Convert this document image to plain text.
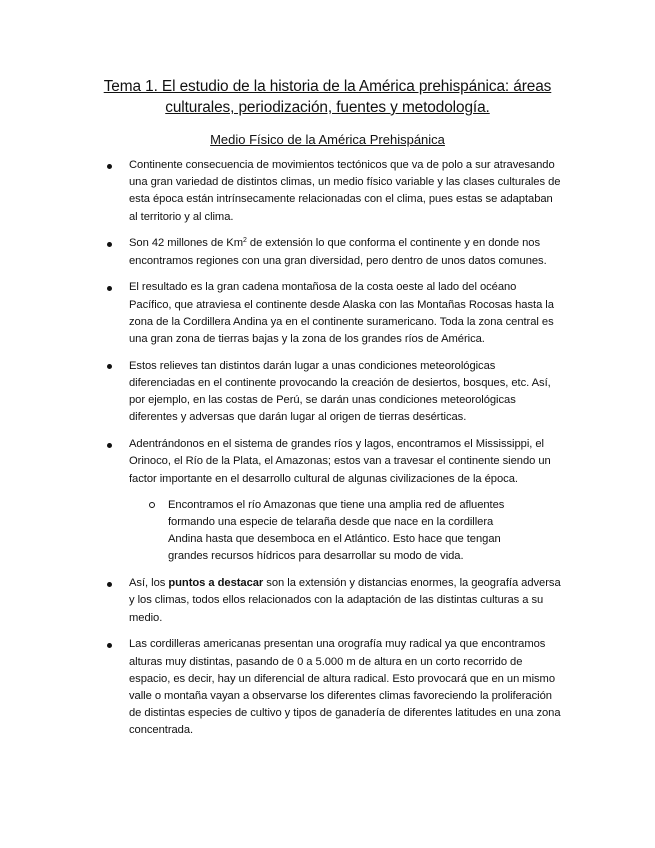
Tema 1. El estudio de la historia de la América prehispánica: áreas culturales, periodización, fuentes y metodología.
Medio Físico de la América Prehispánica
Continente consecuencia de movimientos tectónicos que va de polo a sur atravesando una gran variedad de distintos climas, un medio físico variable y las clases culturales de esta época están intrínsecamente relacionadas con el clima, pues estas se adaptaban al territorio y al clima.
Son 42 millones de Km$^2$ de extensión lo que conforma el continente y en donde nos encontramos regiones con una gran diversidad, pero dentro de unos datos comunes.
El resultado es la gran cadena montañosa de la costa oeste al lado del océano Pacífico, que atraviesa el continente desde Alaska con las Montañas Rocosas hasta la zona de la Cordillera Andina ya en el continente suramericano. Toda la zona central es una gran zona de tierras bajas y la zona de los grandes ríos de América.
Estos relieves tan distintos darán lugar a unas condiciones meteorológicas diferenciadas en el continente provocando la creación de desiertos, bosques, etc. Así, por ejemplo, en las costas de Perú, se darán unas condiciones meteorológicas diferentes y adversas que darán lugar al origen de tierras desérticas.
Adentrándonos en el sistema de grandes ríos y lagos, encontramos el Mississippi, el Orinoco, el Río de la Plata, el Amazonas; estos van a travesar el continente siendo un factor importante en el desarrollo cultural de algunas civilizaciones de la época.
Encontramos el río Amazonas que tiene una amplia red de afluentes formando una especie de telaraña desde que nace en la cordillera Andina hasta que desemboca en el Atlántico. Esto hace que tengan grandes recursos hídricos para desarrollar su modo de vida.
Así, los puntos a destacar son la extensión y distancias enormes, la geografía adversa y los climas, todos ellos relacionados con la adaptación de las distintas culturas a su medio.
Las cordilleras americanas presentan una orografía muy radical ya que encontramos alturas muy distintas, pasando de 0 a 5.000 m de altura en un corto recorrido de espacio, es decir, hay un diferencial de altura radical. Esto provocará que en un mismo valle o montaña vayan a observarse los diferentes climas favoreciendo la proliferación de distintas especies de cultivo y tipos de ganadería de diferentes latitudes en una zona concentrada.
